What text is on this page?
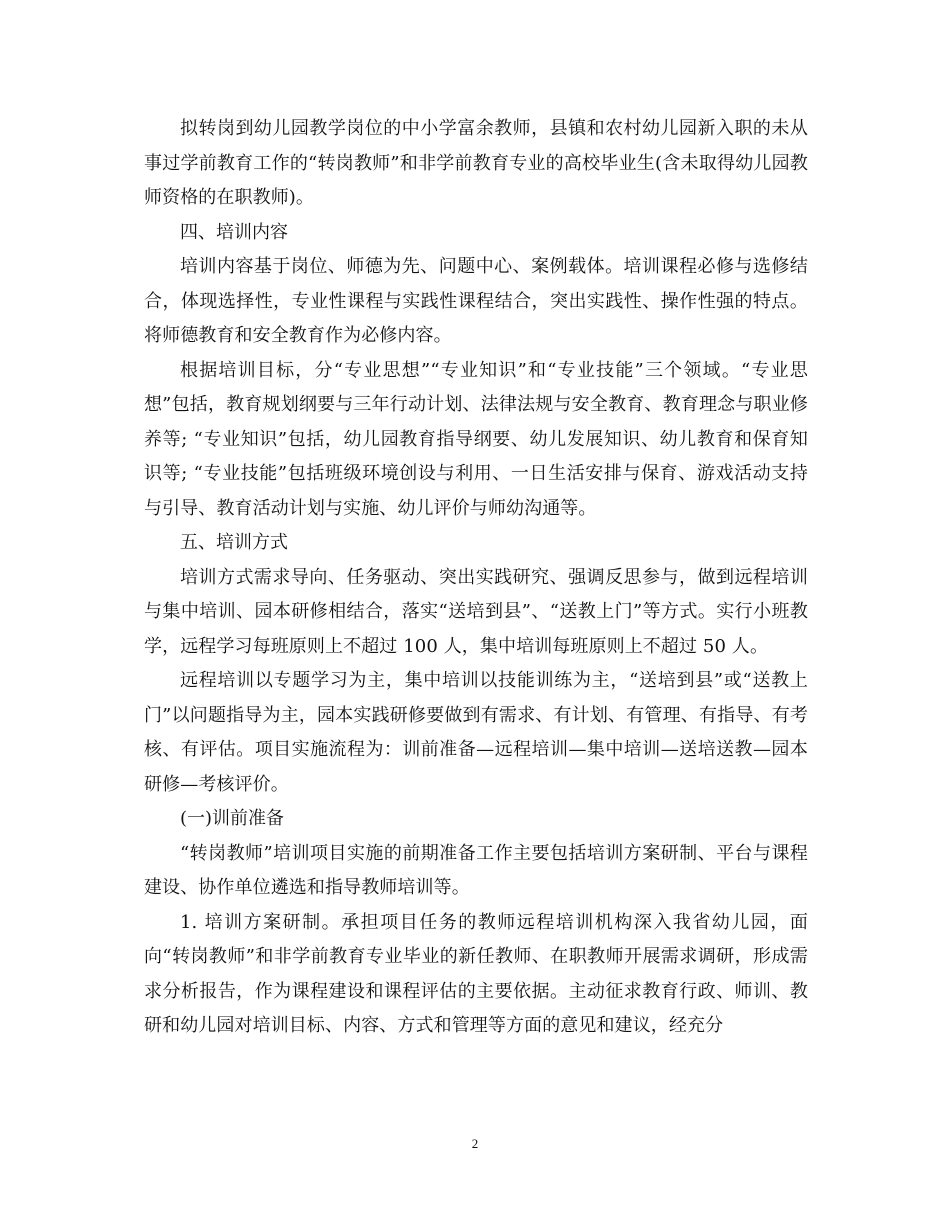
拟转岗到幼儿园教学岗位的中小学富余教师，县镇和农村幼儿园新入职的未从事过学前教育工作的“转岗教师”和非学前教育专业的高校毕业生(含未取得幼儿园教师资格的在职教师)。

四、培训内容

培训内容基于岗位、师德为先、问题中心、案例载体。培训课程必修与选修结合，体现选择性，专业性课程与实践性课程结合，突出实践性、操作性强的特点。将师德教育和安全教育作为必修内容。

根据培训目标，分“专业思想”“专业知识”和“专业技能”三个领域。“专业思想”包括，教育规划纲要与三年行动计划、法律法规与安全教育、教育理念与职业修养等; “专业知识”包括，幼儿园教育指导纲要、幼儿发展知识、幼儿教育和保育知识等; “专业技能”包括班级环境创设与利用、一日生活安排与保育、游戏活动支持与引导、教育活动计划与实施、幼儿评价与师幼沟通等。

五、培训方式

培训方式需求导向、任务驱动、突出实践研究、强调反思参与，做到远程培训与集中培训、园本研修相结合，落实“送培到县”、“送教上门”等方式。实行小班教学，远程学习每班原则上不超过 100 人，集中培训每班原则上不超过 50 人。

远程培训以专题学习为主，集中培训以技能训练为主，“送培到县”或“送教上门”以问题指导为主，园本实践研修要做到有需求、有计划、有管理、有指导、有考核、有评估。项目实施流程为：训前准备—远程培训—集中培训—送培送教—园本研修—考核评价。

(一)训前准备

“转岗教师”培训项目实施的前期准备工作主要包括培训方案研制、平台与课程建设、协作单位遴选和指导教师培训等。

1. 培训方案研制。承担项目任务的教师远程培训机构深入我省幼儿园，面向“转岗教师”和非学前教育专业毕业的新任教师、在职教师开展需求调研，形成需求分析报告，作为课程建设和课程评估的主要依据。主动征求教育行政、师训、教研和幼儿园对培训目标、内容、方式和管理等方面的意见和建议，经充分

2
